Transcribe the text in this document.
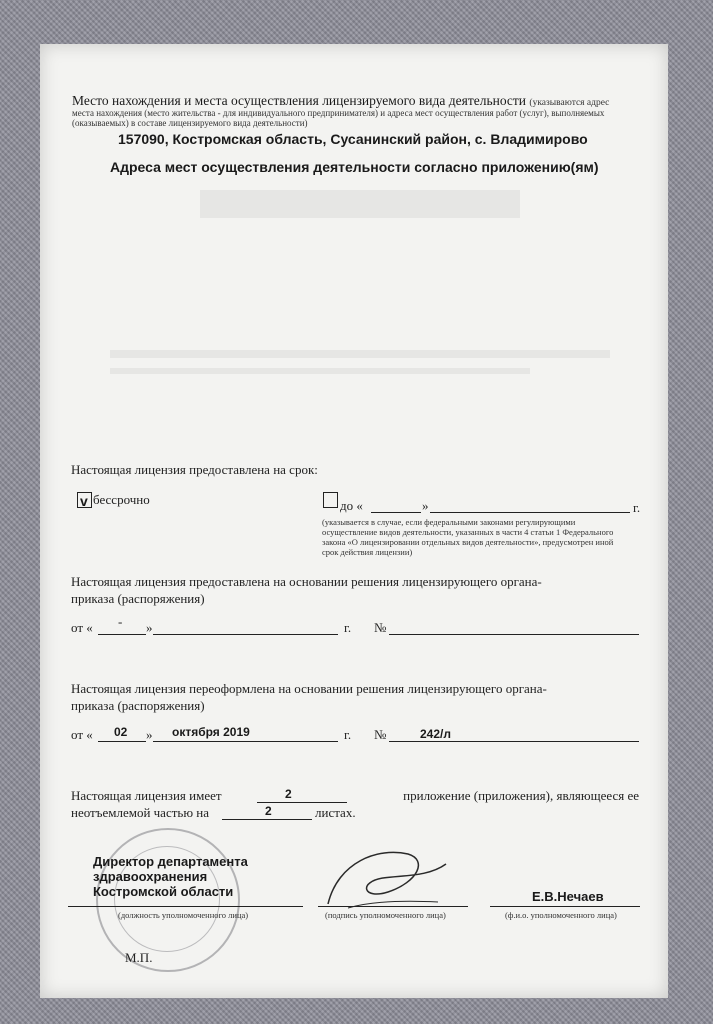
Место нахождения и места осуществления лицензируемого вида деятельности (указываются адрес
места нахождения (место жительства - для индивидуального предпринимателя) и адреса мест осуществления работ (услуг), выполняемых
(оказываемых) в составе лицензируемого вида деятельности)
157090, Костромская область, Сусанинский район, с. Владимирово
Адреса мест осуществления деятельности согласно приложению(ям)
Настоящая лицензия предоставлена на срок:
v бессрочно	до «	»	г.
(указывается в случае, если федеральными законами регулирующими
осуществление видов деятельности, указанных в части 4 статьи 1 Федерального
закона «О лицензировании отдельных видов деятельности», предусмотрен иной
срок действия лицензии)
Настоящая лицензия предоставлена на основании решения лицензирующего органа-
приказа (распоряжения)
от « - »	г. №
Настоящая лицензия переоформлена на основании решения лицензирующего органа-
приказа (распоряжения)
от « 02 » октября 2019	г. №	242/л
Настоящая лицензия имеет	2	приложение (приложения), являющееся ее
неотъемлемой частью на	2	листах.
Директор департамента
здравоохранения
Костромской области
(должность уполномоченного лица)	(подпись уполномоченного лица)
Е.В.Нечаев
(ф.и.о. уполномоченного лица)
М.П.
